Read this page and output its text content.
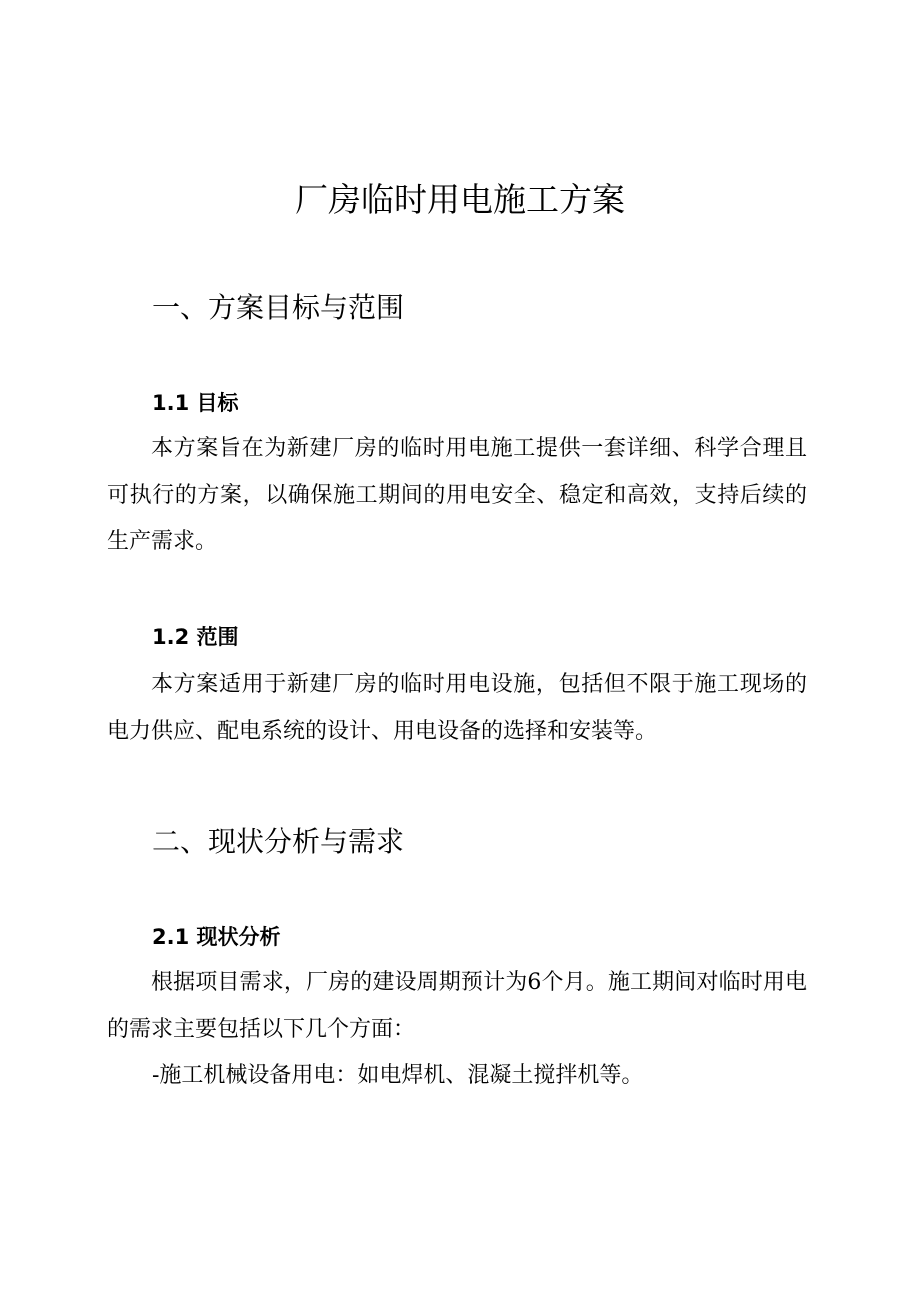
厂房临时用电施工方案
一、方案目标与范围
1.1 目标
本方案旨在为新建厂房的临时用电施工提供一套详细、科学合理且可执行的方案，以确保施工期间的用电安全、稳定和高效，支持后续的生产需求。
1.2 范围
本方案适用于新建厂房的临时用电设施，包括但不限于施工现场的电力供应、配电系统的设计、用电设备的选择和安装等。
二、现状分析与需求
2.1 现状分析
根据项目需求，厂房的建设周期预计为6个月。施工期间对临时用电的需求主要包括以下几个方面：
-施工机械设备用电：如电焊机、混凝土搅拌机等。
